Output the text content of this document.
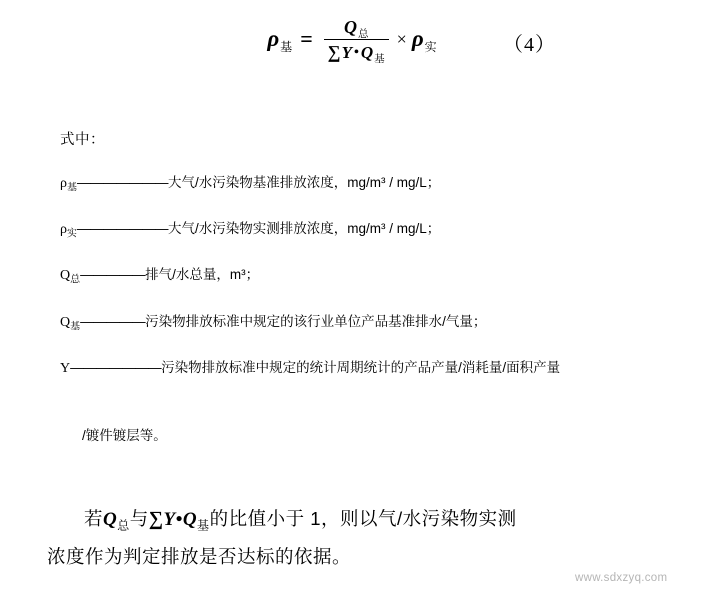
ρ 基 = $\frac{\text{Q 总}}{\text{∑ Y • Q 基}} \times \rho$ 实	（4）
式中：
$\rho_基———————$大气/水污染物基准排放浓度，mg/m³ / mg/L；
$\rho_实———————$大气/水污染物实测排放浓度，mg/m³ / mg/L；
$Q_总—————$排气/水总量，m³；
$Q_基—————$污染物排放标准中规定的该行业单位产品基准排水/气量；
Y———————污染物排放标准中规定的统计周期统计的产品产量/消耗量/面积产量
/镀件镀层等。
若$Q_总$与$\sum Y•Q_基$的比值小于 1，则以气/水污染物实测
浓度作为判定排放是否达标的依据。
www.sdxzyq.com
